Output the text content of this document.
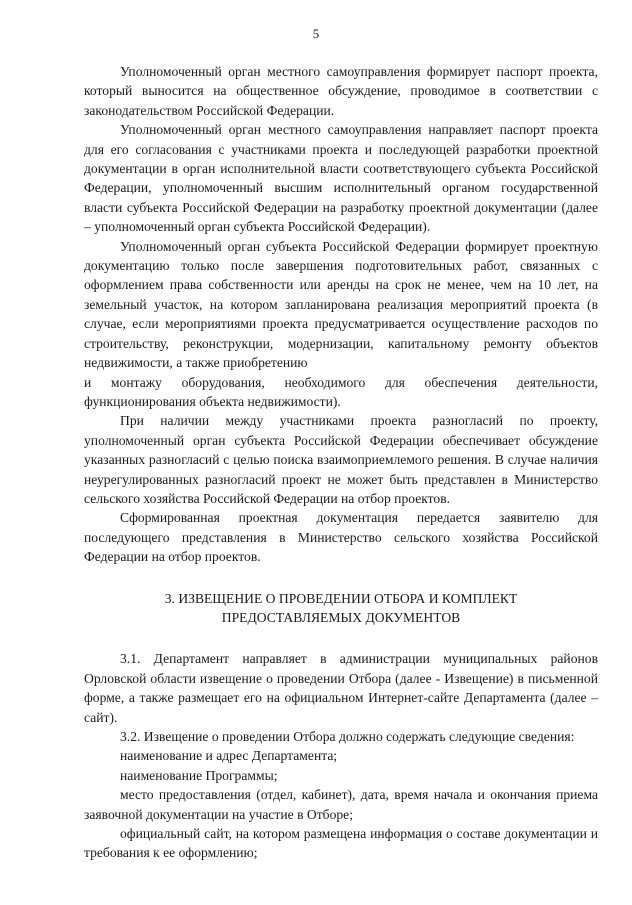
5

Уполномоченный орган местного самоуправления формирует паспорт проекта, который выносится на общественное обсуждение, проводимое в соответствии с законодательством Российской Федерации.

Уполномоченный орган местного самоуправления направляет паспорт проекта для его согласования с участниками проекта и последующей разработки проектной документации в орган исполнительной власти соответствующего субъекта Российской Федерации, уполномоченный высшим исполнительный органом государственной власти субъекта Российской Федерации на разработку проектной документации (далее – уполномоченный орган субъекта Российской Федерации).

Уполномоченный орган субъекта Российской Федерации формирует проектную документацию только после завершения подготовительных работ, связанных с оформлением права собственности или аренды на срок не менее, чем на 10 лет, на земельный участок, на котором запланирована реализация мероприятий проекта (в случае, если мероприятиями проекта предусматривается осуществление расходов по строительству, реконструкции, модернизации, капитальному ремонту объектов недвижимости, а также приобретению

и монтажу оборудования, необходимого для обеспечения деятельности, функционирования объекта недвижимости).

При наличии между участниками проекта разногласий по проекту, уполномоченный орган субъекта Российской Федерации обеспечивает обсуждение указанных разногласий с целью поиска взаимоприемлемого решения. В случае наличия неурегулированных разногласий проект не может быть представлен в Министерство сельского хозяйства Российской Федерации на отбор проектов.

Сформированная проектная документация передается заявителю для последующего представления в Министерство сельского хозяйства Российской Федерации на отбор проектов.

3. ИЗВЕЩЕНИЕ О ПРОВЕДЕНИИ ОТБОРА И КОМПЛЕКТ
ПРЕДОСТАВЛЯЕМЫХ ДОКУМЕНТОВ

3.1. Департамент направляет в администрации муниципальных районов Орловской области извещение о проведении Отбора (далее - Извещение) в письменной форме, а также размещает его на официальном Интернет-сайте Департамента (далее – сайт).

3.2. Извещение о проведении Отбора должно содержать следующие сведения:

наименование и адрес Департамента;

наименование Программы;

место предоставления (отдел, кабинет), дата, время начала и окончания приема заявочной документации на участие в Отборе;

официальный сайт, на котором размещена информация о составе документации и требования к ее оформлению;
